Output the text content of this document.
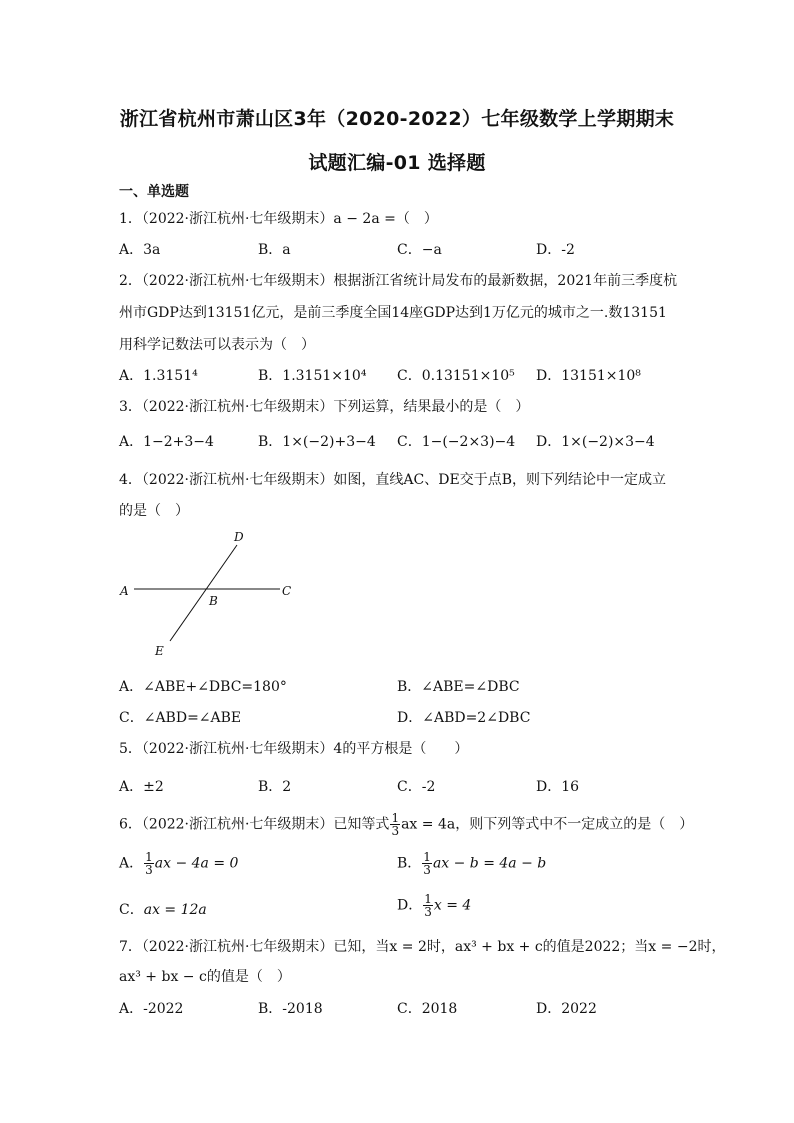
浙江省杭州市萧山区3年（2020-2022）七年级数学上学期期末
试题汇编-01 选择题
一、单选题
1．（2022·浙江杭州·七年级期末）a − 2a =（　）
A．3a	B．a	C．−a	D．-2
2．（2022·浙江杭州·七年级期末）根据浙江省统计局发布的最新数据，2021年前三季度杭
州市GDP达到13151亿元，是前三季度全国14座GDP达到1万亿元的城市之一.数13151
用科学记数法可以表示为（　）
A．1.3151⁴	B．1.3151×10⁴ C．0.13151×10⁵ D．13151×10⁸
3．（2022·浙江杭州·七年级期末）下列运算，结果最小的是（　）
A．1−2+3−4	B．1×(−2)+3−4 C．1−(−2×3)−4 D．1×(−2)×3−4
4．（2022·浙江杭州·七年级期末）如图，直线AC、DE交于点B，则下列结论中一定成立
的是（　）
D
A
B
C
E
A．∠ABE+∠DBC=180°	B．∠ABE=∠DBC
C．∠ABD=∠ABE	D．∠ABD=2∠DBC
5．（2022·浙江杭州·七年级期末）4的平方根是（　　）
A．±2	B．2	C．-2	D．16
6．（2022·浙江杭州·七年级期末）已知等式 $\frac{1}{3}$ ax = 4a，则下列等式中不一定成立的是（　）
A． $\frac{1}{3}$ ax − 4a = 0	B． $\frac{1}{3}$ ax − b = 4a − b
C．ax = 12a	D． $\frac{1}{3}$ x = 4
7．（2022·浙江杭州·七年级期末）已知，当x = 2时，ax³ + bx + c的值是2022；当x = −2时，
ax³ + bx − c的值是（　）
A．-2022	B．-2018	C．2018	D．2022
